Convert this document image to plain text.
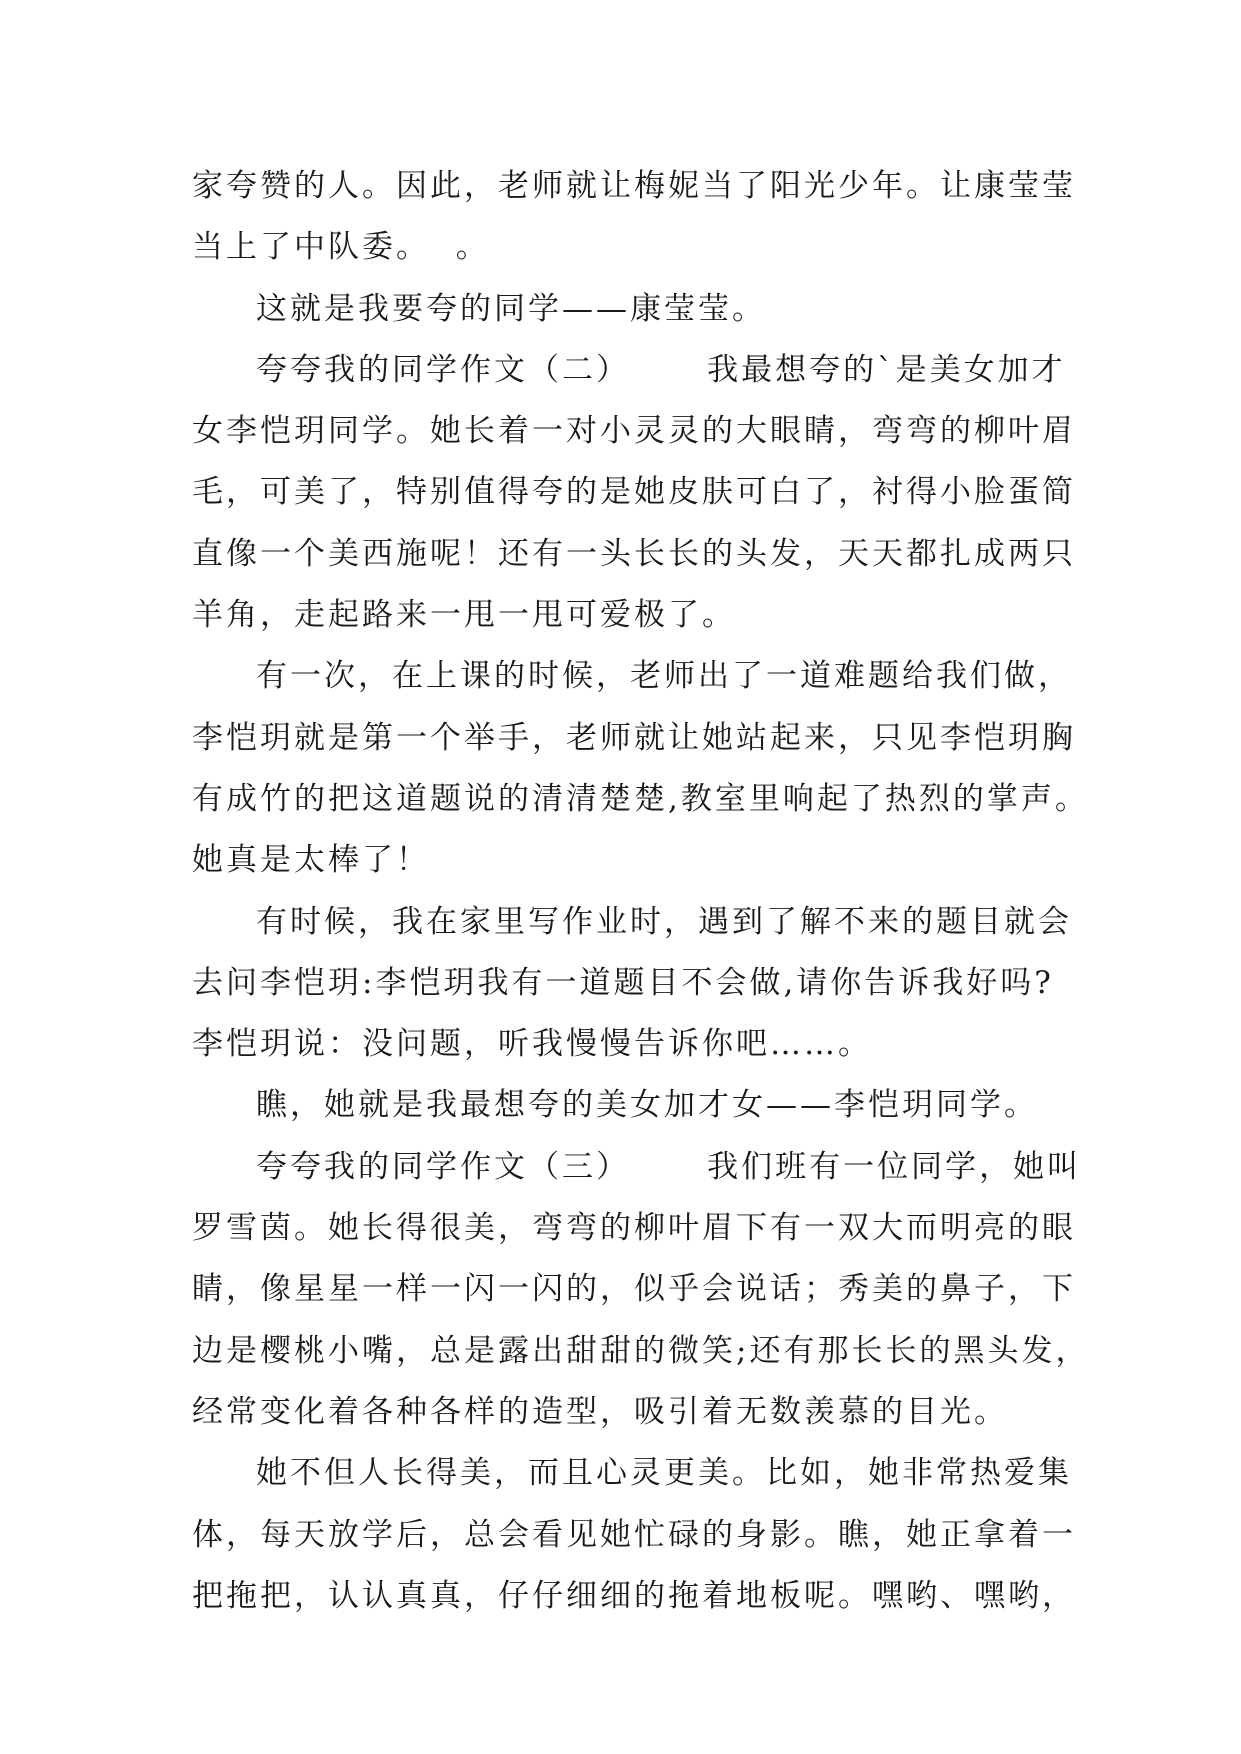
家夸赞的人。因此，老师就让梅妮当了阳光少年。让康莹莹
当上了中队委。  。
这就是我要夸的同学——康莹莹。
夸夸我的同学作文（二）      我最想夸的`是美女加才
女李恺玥同学。她长着一对小灵灵的大眼睛，弯弯的柳叶眉
毛，可美了，特别值得夸的是她皮肤可白了，衬得小脸蛋简
直像一个美西施呢！还有一头长长的头发，天天都扎成两只
羊角，走起路来一甩一甩可爱极了。
有一次，在上课的时候，老师出了一道难题给我们做，
李恺玥就是第一个举手，老师就让她站起来，只见李恺玥胸
有成竹的把这道题说的清清楚楚,教室里响起了热烈的掌声。
她真是太棒了！
有时候，我在家里写作业时，遇到了解不来的题目就会
去问李恺玥:李恺玥我有一道题目不会做,请你告诉我好吗?
李恺玥说：没问题，听我慢慢告诉你吧……。
瞧，她就是我最想夸的美女加才女——李恺玥同学。
夸夸我的同学作文（三）      我们班有一位同学，她叫
罗雪茵。她长得很美，弯弯的柳叶眉下有一双大而明亮的眼
睛，像星星一样一闪一闪的，似乎会说话；秀美的鼻子，下
边是樱桃小嘴，总是露出甜甜的微笑;还有那长长的黑头发，
经常变化着各种各样的造型，吸引着无数羡慕的目光。
她不但人长得美，而且心灵更美。比如，她非常热爱集
体，每天放学后，总会看见她忙碌的身影。瞧，她正拿着一
把拖把，认认真真，仔仔细细的拖着地板呢。嘿哟、嘿哟，
